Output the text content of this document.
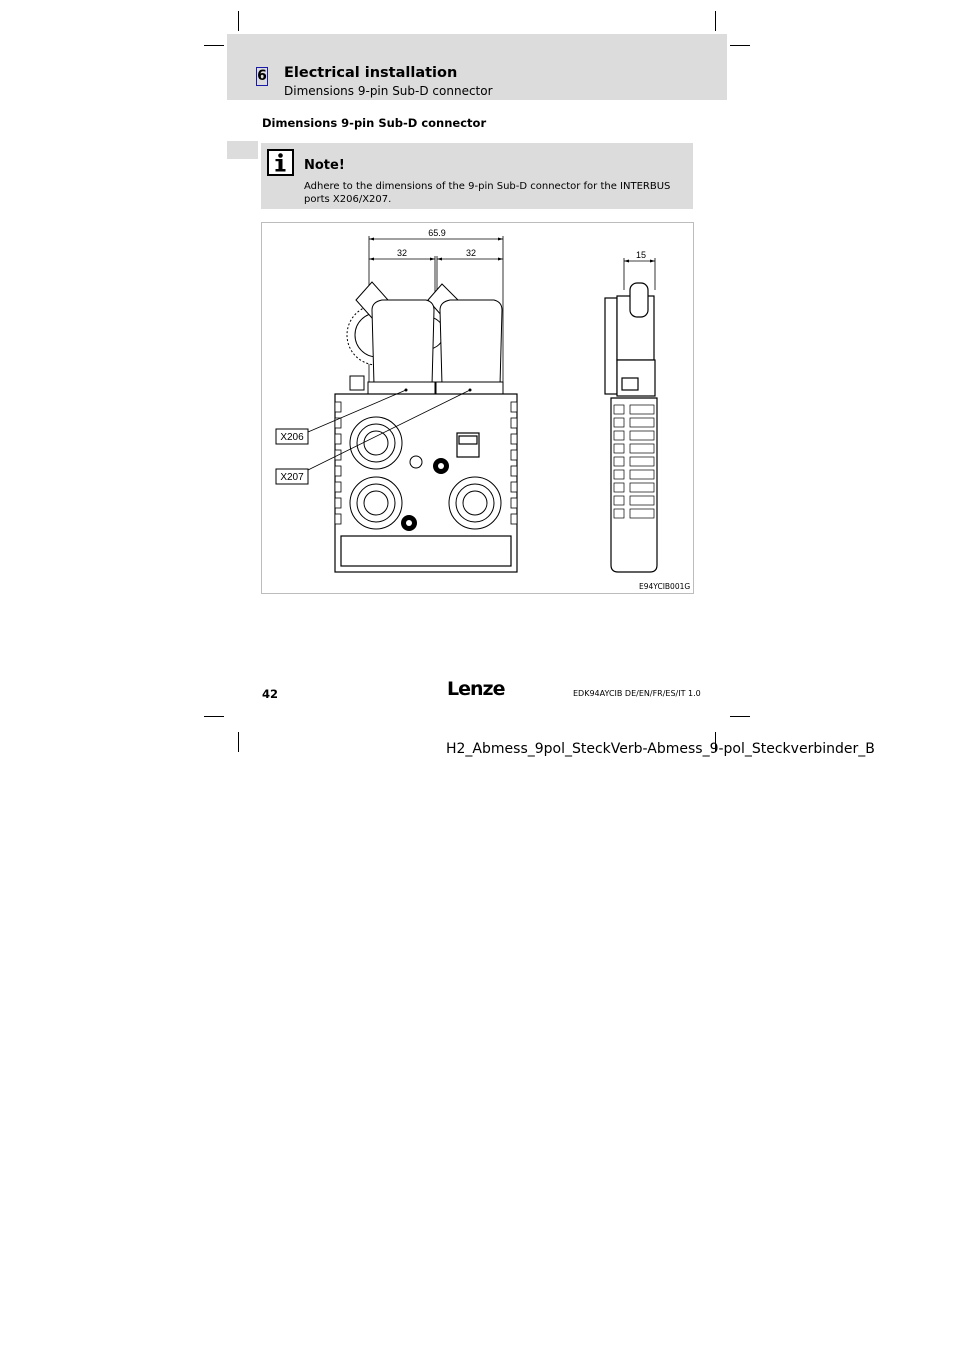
6 Electrical installation
Dimensions 9-pin Sub-D connector
Dimensions 9-pin Sub-D connector
Note!
Adhere to the dimensions of the 9-pin Sub-D connector for the INTERBUS ports X206/X207.
65.9
32	32	15
X206
X207
E94YCIB001G
42	Lenze	EDK94AYCIB DE/EN/FR/ES/IT 1.0
H2_Abmess_9pol_SteckVerb-Abmess_9-pol_Steckverbinder_B
